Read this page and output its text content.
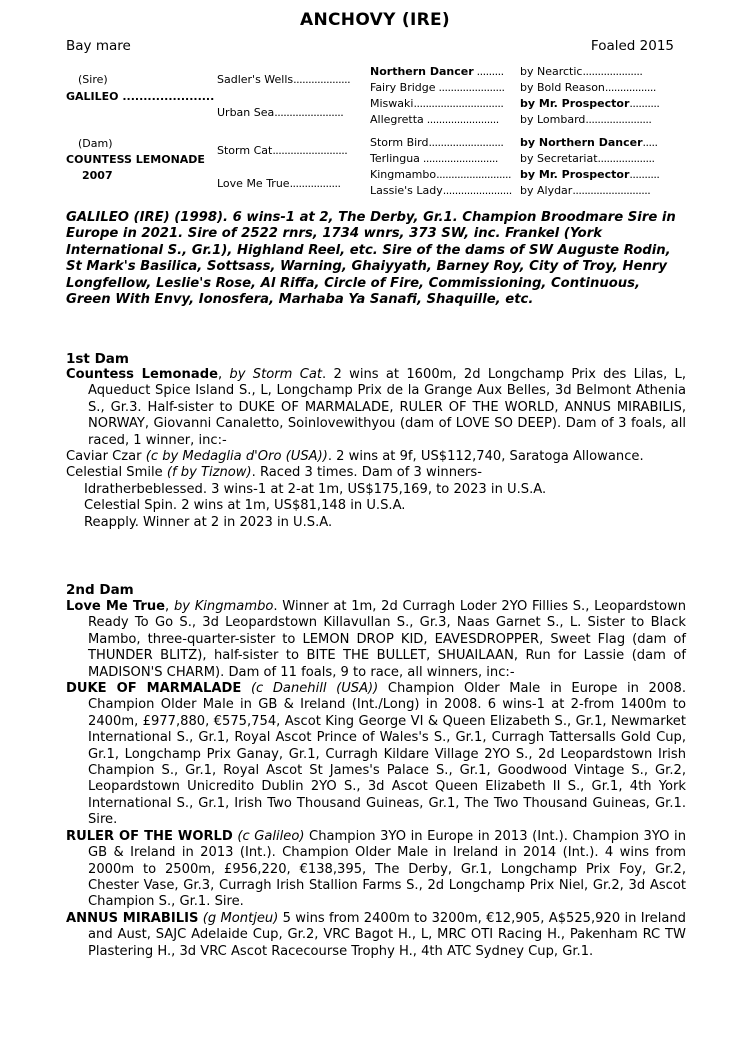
ANCHOVY (IRE)
Bay mare	Foaled 2015
(Sire)
GALILEO ......................
(Dam)
COUNTESS LEMONADE
2007
Sadler's Wells...................
Urban Sea.......................
Storm Cat.........................
Love Me True.................
Northern Dancer .........
Fairy Bridge ......................
Miswaki..............................
Allegretta ........................
Storm Bird.........................
Terlingua .........................
Kingmambo.........................
Lassie's Lady.......................
by Nearctic....................
by Bold Reason.................
by Mr. Prospector..........
by Lombard......................
by Northern Dancer.....
by Secretariat...................
by Mr. Prospector..........
by Alydar..........................
GALILEO (IRE) (1998). 6 wins-1 at 2, The Derby, Gr.1. Champion Broodmare Sire in Europe in 2021. Sire of 2522 rnrs, 1734 wnrs, 373 SW, inc. Frankel (York International S., Gr.1), Highland Reel, etc. Sire of the dams of SW Auguste Rodin, St Mark's Basilica, Sottsass, Warning, Ghaiyyath, Barney Roy, City of Troy, Henry Longfellow, Leslie's Rose, Al Riffa, Circle of Fire, Commissioning, Continuous, Green With Envy, Ionosfera, Marhaba Ya Sanafi, Shaquille, etc.
1st Dam

Countess Lemonade, by Storm Cat. 2 wins at 1600m, 2d Longchamp Prix des Lilas, L, Aqueduct Spice Island S., L, Longchamp Prix de la Grange Aux Belles, 3d Belmont Athenia S., Gr.3. Half-sister to DUKE OF MARMALADE, RULER OF THE WORLD, ANNUS MIRABILIS, NORWAY, Giovanni Canaletto, Soinlovewithyou (dam of LOVE SO DEEP). Dam of 3 foals, all raced, 1 winner, inc:-

Caviar Czar (c by Medaglia d'Oro (USA)). 2 wins at 9f, US$112,740, Saratoga Allowance.

Celestial Smile (f by Tiznow). Raced 3 times. Dam of 3 winners-

Idratherbeblessed. 3 wins-1 at 2-at 1m, US$175,169, to 2023 in U.S.A.

Celestial Spin. 2 wins at 1m, US$81,148 in U.S.A.

Reapply. Winner at 2 in 2023 in U.S.A.

2nd Dam

Love Me True, by Kingmambo. Winner at 1m, 2d Curragh Loder 2YO Fillies S., Leopardstown Ready To Go S., 3d Leopardstown Killavullan S., Gr.3, Naas Garnet S., L. Sister to Black Mambo, three-quarter-sister to LEMON DROP KID, EAVESDROPPER, Sweet Flag (dam of THUNDER BLITZ), half-sister to BITE THE BULLET, SHUAILAAN, Run for Lassie (dam of MADISON'S CHARM). Dam of 11 foals, 9 to race, all winners, inc:-

DUKE OF MARMALADE (c Danehill (USA)) Champion Older Male in Europe in 2008. Champion Older Male in GB & Ireland (Int./Long) in 2008. 6 wins-1 at 2-from 1400m to 2400m, £977,880, €575,754, Ascot King George VI & Queen Elizabeth S., Gr.1, Newmarket International S., Gr.1, Royal Ascot Prince of Wales's S., Gr.1, Curragh Tattersalls Gold Cup, Gr.1, Longchamp Prix Ganay, Gr.1, Curragh Kildare Village 2YO S., 2d Leopardstown Irish Champion S., Gr.1, Royal Ascot St James's Palace S., Gr.1, Goodwood Vintage S., Gr.2, Leopardstown Unicredito Dublin 2YO S., 3d Ascot Queen Elizabeth II S., Gr.1, 4th York International S., Gr.1, Irish Two Thousand Guineas, Gr.1, The Two Thousand Guineas, Gr.1. Sire.

RULER OF THE WORLD (c Galileo) Champion 3YO in Europe in 2013 (Int.). Champion 3YO in GB & Ireland in 2013 (Int.). Champion Older Male in Ireland in 2014 (Int.). 4 wins from 2000m to 2500m, £956,220, €138,395, The Derby, Gr.1, Longchamp Prix Foy, Gr.2, Chester Vase, Gr.3, Curragh Irish Stallion Farms S., 2d Longchamp Prix Niel, Gr.2, 3d Ascot Champion S., Gr.1. Sire.

ANNUS MIRABILIS (g Montjeu) 5 wins from 2400m to 3200m, €12,905, A$525,920 in Ireland and Aust, SAJC Adelaide Cup, Gr.2, VRC Bagot H., L, MRC OTI Racing H., Pakenham RC TW Plastering H., 3d VRC Ascot Racecourse Trophy H., 4th ATC Sydney Cup, Gr.1.
